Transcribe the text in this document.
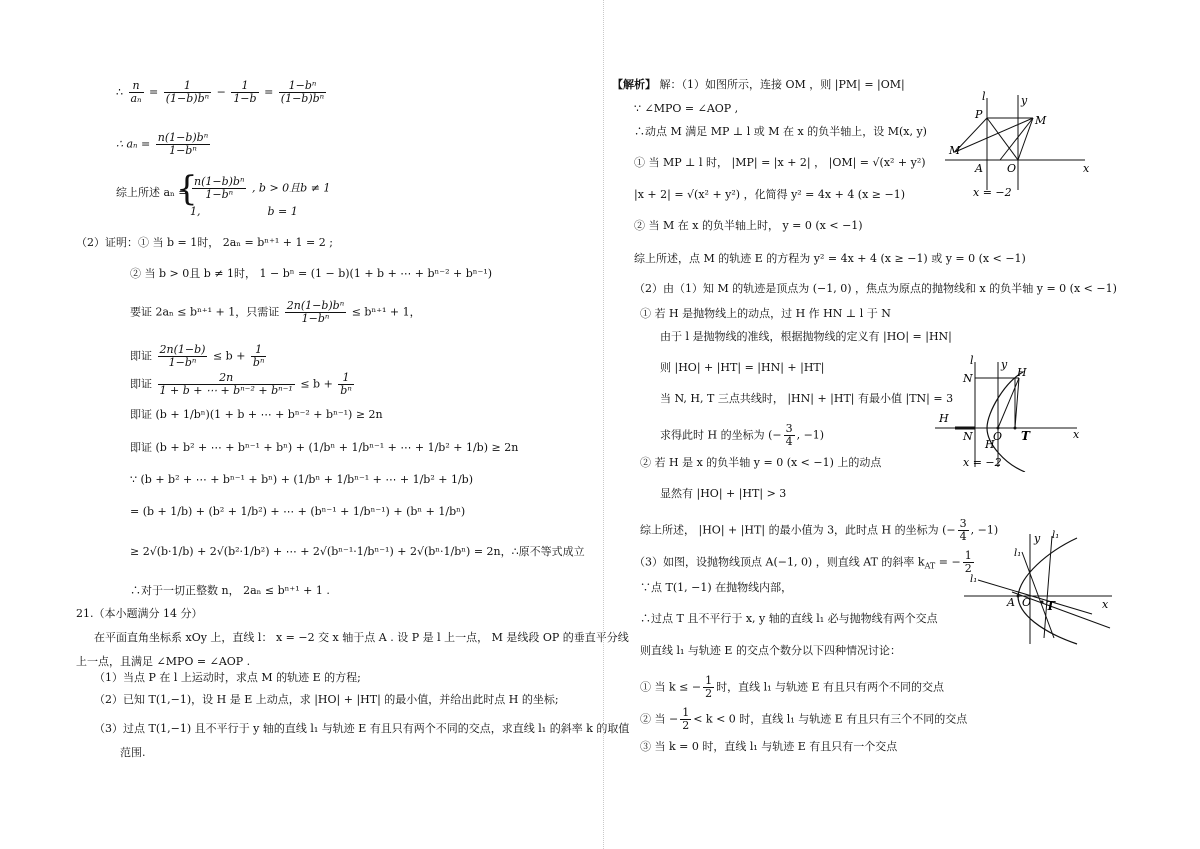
∴ $\frac{n}{\text{aₙ}} = \frac{1}{\text{(1−b)bⁿ}} - \frac{1}{1-b} = \frac{\text{1−bⁿ}}{\text{(1−b)bⁿ}}$
∴ $a_n = \frac{\text{n(1−b)bⁿ}}{\text{1−bⁿ}}$
综上所述 aₙ =
{
$\frac{\text{n(1−b)bⁿ}}{\text{1−bⁿ}}$ , b > 0且b ≠ 1
1,	b = 1
（2）证明：① 当 b = 1时， 2aₙ = bⁿ⁺¹ + 1 = 2 ;
② 当 b > 0且 b ≠ 1时， 1 − bⁿ = (1 − b)(1 + b + ⋯ + bⁿ⁻² + bⁿ⁻¹)
要证 2aₙ ≤ bⁿ⁺¹ + 1，只需证 $\frac{\text{2n(1−b)bⁿ}}{\text{1−bⁿ}} \le b^{n+1} + 1$，
即证 $\frac{2n(1-b)}{\text{1−bⁿ}} \le b + \frac{1}{\text{bⁿ}}$
即证 $\frac{2n}{\text{1 + b + ⋯ + bⁿ⁻² + bⁿ⁻¹}} \le b + \frac{1}{\text{bⁿ}}$
即证 (b + 1/bⁿ)(1 + b + ⋯ + bⁿ⁻² + bⁿ⁻¹) ≥ 2n
即证 (b + b² + ⋯ + bⁿ⁻¹ + bⁿ) + (1/bⁿ + 1/bⁿ⁻¹ + ⋯ + 1/b² + 1/b) ≥ 2n
∵ (b + b² + ⋯ + bⁿ⁻¹ + bⁿ) + (1/bⁿ + 1/bⁿ⁻¹ + ⋯ + 1/b² + 1/b)
= (b + 1/b) + (b² + 1/b²) + ⋯ + (bⁿ⁻¹ + 1/bⁿ⁻¹) + (bⁿ + 1/bⁿ)
≥ 2√(b·1/b) + 2√(b²·1/b²) + ⋯ + 2√(bⁿ⁻¹·1/bⁿ⁻¹) + 2√(bⁿ·1/bⁿ) = 2n，∴原不等式成立
∴对于一切正整数 n， 2aₙ ≤ bⁿ⁺¹ + 1 .
21.（本小题满分 14 分）
在平面直角坐标系 xOy 上，直线 l： x = −2 交 x 轴于点 A . 设 P 是 l 上一点， M 是线段 OP 的垂直平分线
上一点，且满足 ∠MPO = ∠AOP .
（1）当点 P 在 l 上运动时，求点 M 的轨迹 E 的方程;
（2）已知 T(1,−1)，设 H 是 E 上动点，求 |HO| + |HT| 的最小值，并给出此时点 H 的坐标;
（3）过点 T(1,−1) 且不平行于 y 轴的直线 l₁ 与轨迹 E 有且只有两个不同的交点，求直线 l₁ 的斜率 k 的取值
范围.
【解析】 解：（1）如图所示，连接 OM ，则 |PM| = |OM|
∵ ∠MPO = ∠AOP ,
∴动点 M 满足 MP ⊥ l 或 M 在 x 的负半轴上，设 M(x, y)
① 当 MP ⊥ l 时， |MP| = |x + 2| ， |OM| = √(x² + y²)
|x + 2| = √(x² + y²) ，化简得 y² = 4x + 4 (x ≥ −1)
② 当 M 在 x 的负半轴上时， y = 0 (x < −1)
综上所述，点 M 的轨迹 E 的方程为 y² = 4x + 4 (x ≥ −1) 或 y = 0 (x < −1)
（2）由（1）知 M 的轨迹是顶点为 (−1, 0) ，焦点为原点的抛物线和 x 的负半轴 y = 0 (x < −1)
① 若 H 是抛物线上的动点，过 H 作 HN ⊥ l 于 N
由于 l 是抛物线的准线，根据抛物线的定义有 |HO| = |HN|
则 |HO| + |HT| = |HN| + |HT|
当 N, H, T 三点共线时， |HN| + |HT| 有最小值 |TN| = 3
求得此时 H 的坐标为 (− $\frac{3}{4}$ , −1)
② 若 H 是 x 的负半轴 y = 0 (x < −1) 上的动点
显然有 |HO| + |HT| > 3
综上所述， |HO| + |HT| 的最小值为 3，此时点 H 的坐标为 (− $\frac{3}{4}$ , −1)
（3）如图，设抛物线顶点 A(−1, 0) ，则直线 AT 的斜率 $k_{AT}$ = − $\frac{1}{2}$
∵点 T(1, −1) 在抛物线内部，
∴过点 T 且不平行于 x, y 轴的直线 l₁ 必与抛物线有两个交点
则直线 l₁ 与轨迹 E 的交点个数分以下四种情况讨论：
① 当 k ≤ − $\frac{1}{2}$ 时，直线 l₁ 与轨迹 E 有且只有两个不同的交点
② 当 − $\frac{1}{2} < k < 0$ 时，直线 l₁ 与轨迹 E 有且只有三个不同的交点
③ 当 k = 0 时，直线 l₁ 与轨迹 E 有且只有一个交点
l	y
P	M
M
A O	x
x = −2
l y
N	H
H
N O
H
T	x
x = −2
l₁
l₁
y
l₁
A O T	x
